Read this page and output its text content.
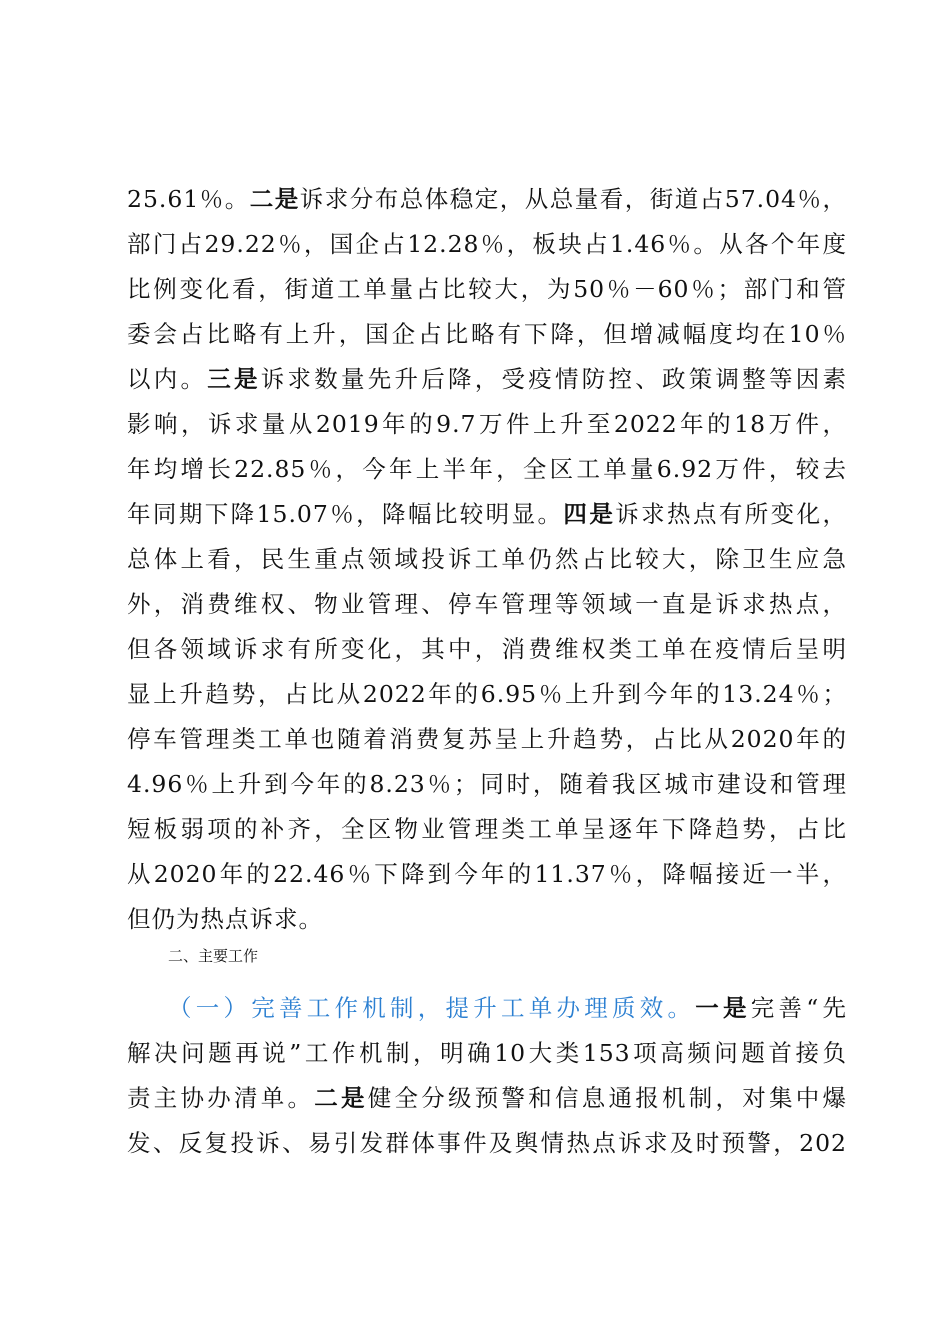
25.61％。二是诉求分布总体稳定，从总量看，街道占57.04％，
部门占29.22％，国企占12.28％，板块占1.46％。从各个年度
比例变化看，街道工单量占比较大，为50％－60％；部门和管
委会占比略有上升，国企占比略有下降，但增减幅度均在10％
以内。三是诉求数量先升后降，受疫情防控、政策调整等因素
影响，诉求量从2019年的9.7万件上升至2022年的18万件，
年均增长22.85％，今年上半年，全区工单量6.92万件，较去
年同期下降15.07％，降幅比较明显。四是诉求热点有所变化，
总体上看，民生重点领域投诉工单仍然占比较大，除卫生应急
外，消费维权、物业管理、停车管理等领域一直是诉求热点，
但各领域诉求有所变化，其中，消费维权类工单在疫情后呈明
显上升趋势，占比从2022年的6.95％上升到今年的13.24％；
停车管理类工单也随着消费复苏呈上升趋势，占比从2020年的
4.96％上升到今年的8.23％；同时，随着我区城市建设和管理
短板弱项的补齐，全区物业管理类工单呈逐年下降趋势，占比
从2020年的22.46％下降到今年的11.37％，降幅接近一半，
但仍为热点诉求。
二、主要工作
（一）完善工作机制，提升工单办理质效。一是完善“先
解决问题再说”工作机制，明确10大类153项高频问题首接负
责主协办清单。二是健全分级预警和信息通报机制，对集中爆
发、反复投诉、易引发群体事件及舆情热点诉求及时预警，202
